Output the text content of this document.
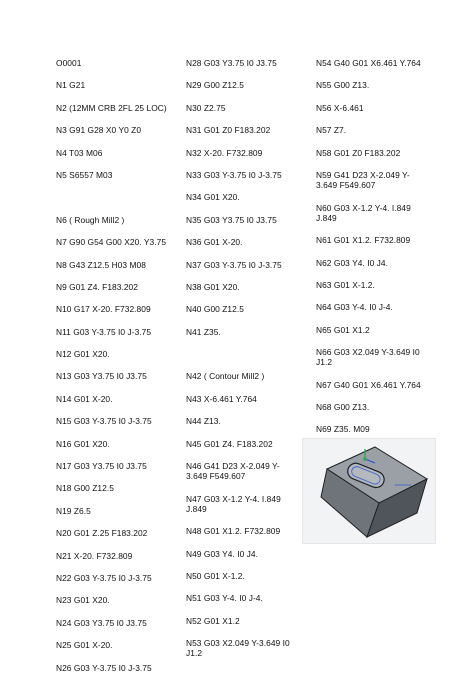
O0001
N1 G21
N2 (12MM CRB 2FL 25 LOC)
N3 G91 G28 X0 Y0 Z0
N4 T03 M06
N5 S6557 M03
N6 ( Rough Mill2 )
N7 G90 G54 G00 X20. Y3.75
N8 G43 Z12.5 H03 M08
N9 G01 Z4. F183.202
N10 G17 X-20. F732.809
N11 G03 Y-3.75 I0 J-3.75
N12 G01 X20.
N13 G03 Y3.75 I0 J3.75
N14 G01 X-20.
N15 G03 Y-3.75 I0 J-3.75
N16 G01 X20.
N17 G03 Y3.75 I0 J3.75
N18 G00 Z12.5
N19 Z6.5
N20 G01 Z.25 F183.202
N21 X-20. F732.809
N22 G03 Y-3.75 I0 J-3.75
N23 G01 X20.
N24 G03 Y3.75 I0 J3.75
N25 G01 X-20.
N26 G03 Y-3.75 I0 J-3.75
N28 G03 Y3.75 I0 J3.75
N29 G00 Z12.5
N30 Z2.75
N31 G01 Z0 F183.202
N32 X-20. F732.809
N33 G03 Y-3.75 I0 J-3.75
N34 G01 X20.
N35 G03 Y3.75 I0 J3.75
N36 G01 X-20.
N37 G03 Y-3.75 I0 J-3.75
N38 G01 X20.
N40 G00 Z12.5
N41 Z35.
N42 ( Contour Mill2 )
N43 X-6.461 Y.764
N44 Z13.
N45 G01 Z4. F183.202
N46 G41 D23 X-2.049 Y-3.649 F549.607
N47 G03 X-1.2 Y-4. I.849 J.849
N48 G01 X1.2. F732.809
N49 G03 Y4. I0 J4.
N50 G01 X-1.2.
N51 G03 Y-4. I0 J-4.
N52 G01 X1.2
N53 G03 X2.049 Y-3.649 I0 J1.2
N54 G40 G01 X6.461 Y.764
N55 G00 Z13.
N56 X-6.461
N57 Z7.
N58 G01 Z0 F183.202
N59 G41 D23 X-2.049 Y-3.649 F549.607
N60 G03 X-1.2 Y-4. I.849 J.849
N61 G01 X1.2. F732.809
N62 G03 Y4. I0 J4.
N63 G01 X-1.2.
N64 G03 Y-4. I0 J-4.
N65 G01 X1.2
N66 G03 X2.049 Y-3.649 I0 J1.2
N67 G40 G01 X6.461 Y.764
N68 G00 Z13.
N69 Z35. M09
